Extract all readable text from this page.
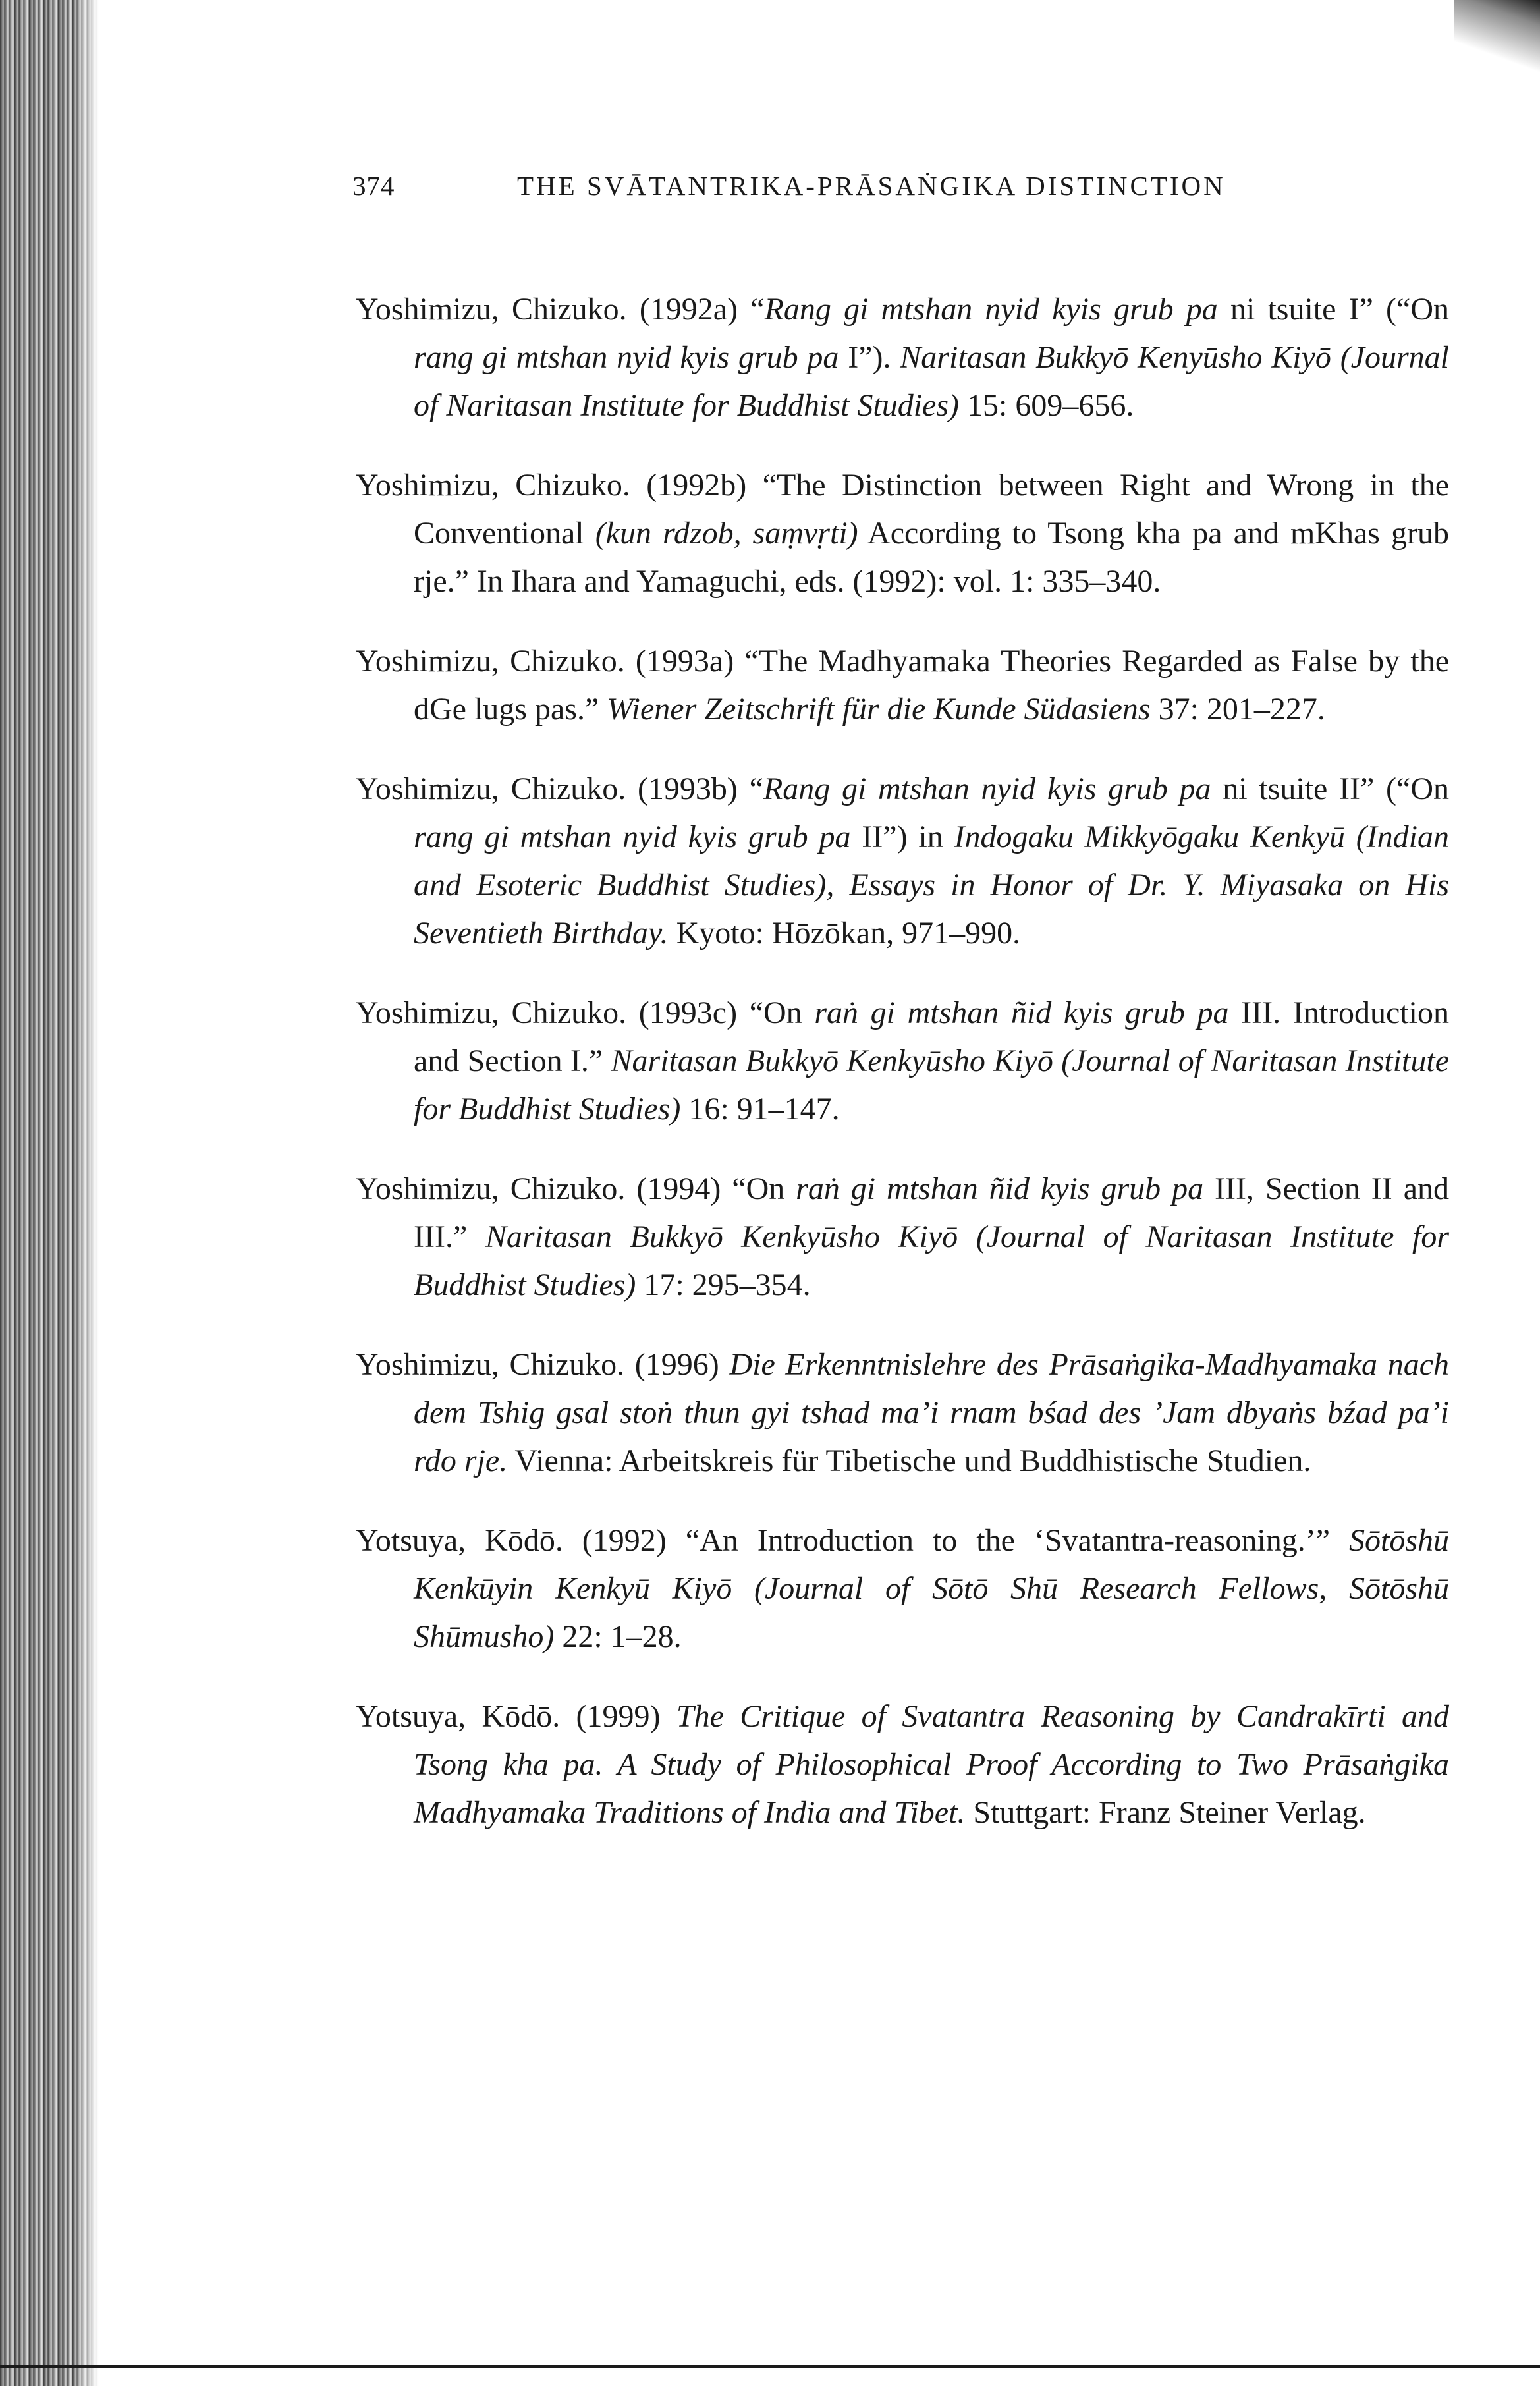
374	THE SVĀTANTRIKA-PRĀSAṄGIKA DISTINCTION

Yoshimizu, Chizuko. (1992a) “Rang gi mtshan nyid kyis grub pa ni tsuite I” (“On rang gi mtshan nyid kyis grub pa I”). Naritasan Bukkyō Kenyūsho Kiyō (Journal of Naritasan Institute for Buddhist Studies) 15: 609–656.

Yoshimizu, Chizuko. (1992b) “The Distinction between Right and Wrong in the Conventional (kun rdzob, saṃvṛti) According to Tsong kha pa and mKhas grub rje.” In Ihara and Yamaguchi, eds. (1992): vol. 1: 335–340.

Yoshimizu, Chizuko. (1993a) “The Madhyamaka Theories Regarded as False by the dGe lugs pas.” Wiener Zeitschrift für die Kunde Südasiens 37: 201–227.

Yoshimizu, Chizuko. (1993b) “Rang gi mtshan nyid kyis grub pa ni tsuite II” (“On rang gi mtshan nyid kyis grub pa II”) in Indogaku Mikkyōgaku Kenkyū (Indian and Esoteric Buddhist Studies), Essays in Honor of Dr. Y. Miyasaka on His Seventieth Birthday. Kyoto: Hōzōkan, 971–990.

Yoshimizu, Chizuko. (1993c) “On raṅ gi mtshan ñid kyis grub pa III. Introduction and Section I.” Naritasan Bukkyō Kenkyūsho Kiyō (Journal of Naritasan Institute for Buddhist Studies) 16: 91–147.

Yoshimizu, Chizuko. (1994) “On raṅ gi mtshan ñid kyis grub pa III, Section II and III.” Naritasan Bukkyō Kenkyūsho Kiyō (Journal of Naritasan Institute for Buddhist Studies) 17: 295–354.

Yoshimizu, Chizuko. (1996) Die Erkenntnislehre des Prāsaṅgika-Madhyamaka nach dem Tshig gsal stoṅ thun gyi tshad ma’i rnam bśad des ’Jam dbyaṅs bźad pa’i rdo rje. Vienna: Arbeitskreis für Tibetische und Buddhistische Studien.

Yotsuya, Kōdō. (1992) “An Introduction to the ‘Svatantra-reasoning.’” Sōtōshū Kenkūyin Kenkyū Kiyō (Journal of Sōtō Shū Research Fellows, Sōtōshū Shūmusho) 22: 1–28.

Yotsuya, Kōdō. (1999) The Critique of Svatantra Reasoning by Candrakīrti and Tsong kha pa. A Study of Philosophical Proof According to Two Prāsaṅgika Madhyamaka Traditions of India and Tibet. Stuttgart: Franz Steiner Verlag.
